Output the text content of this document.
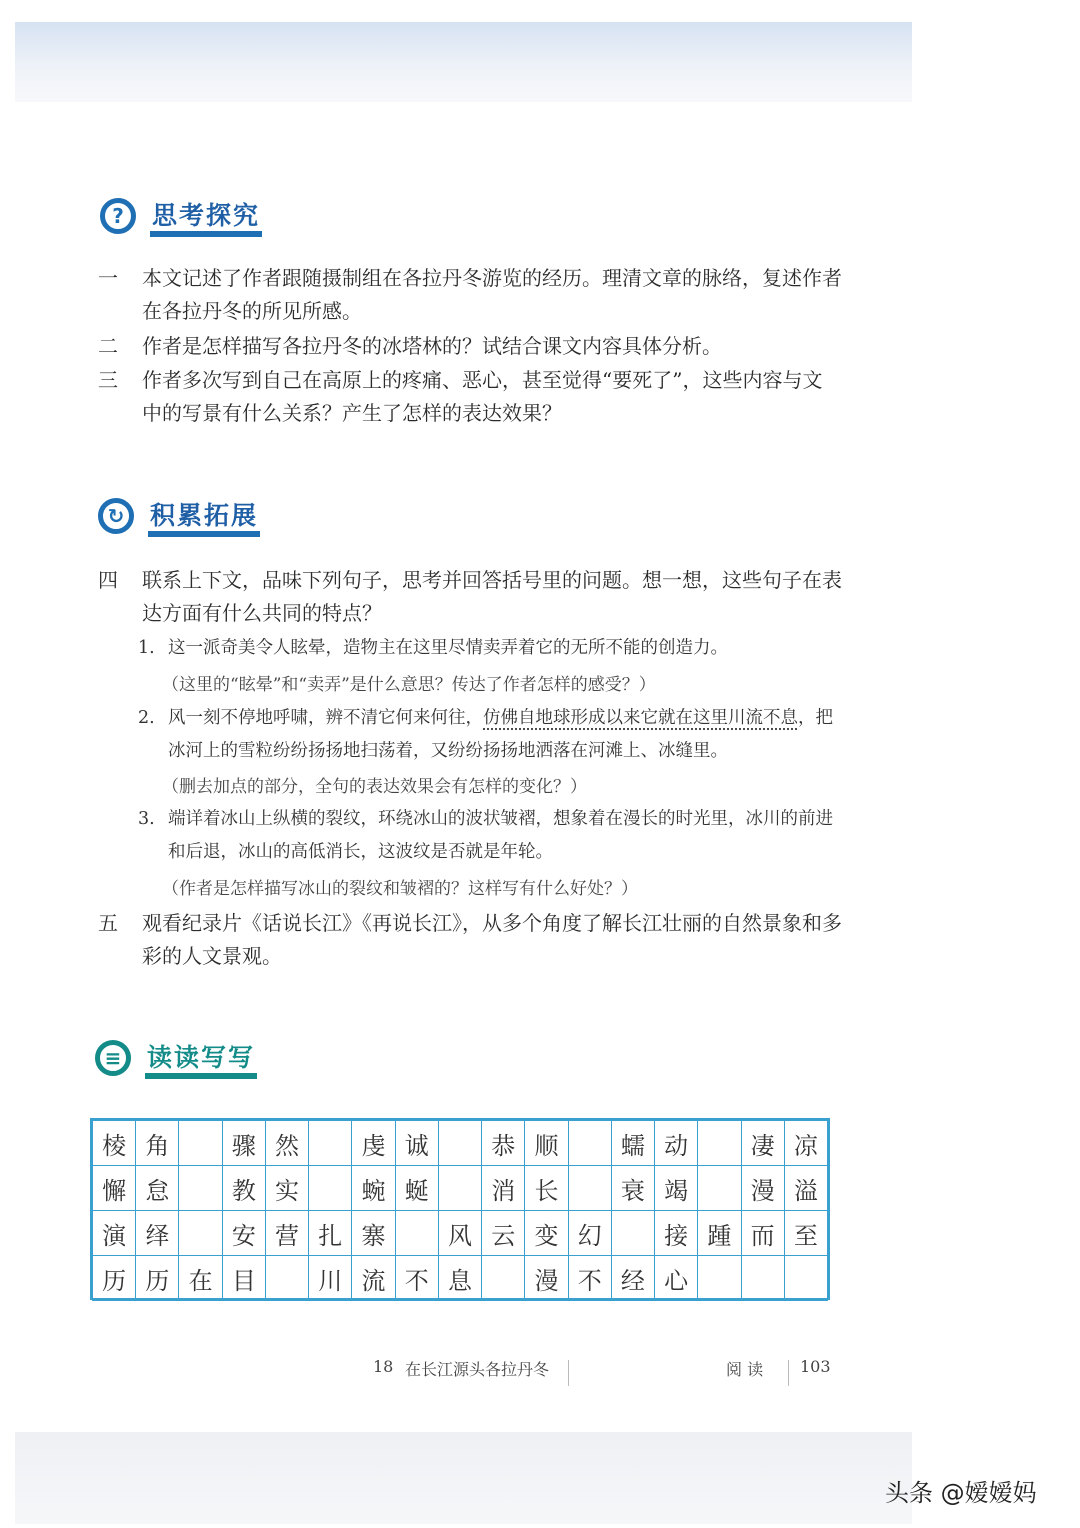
?	思考探究
一	本文记述了作者跟随摄制组在各拉丹冬游览的经历。理清文章的脉络，复述作者在各拉丹冬的所见所感。
二	作者是怎样描写各拉丹冬的冰塔林的？试结合课文内容具体分析。
三	作者多次写到自己在高原上的疼痛、恶心，甚至觉得“要死了”，这些内容与文中的写景有什么关系？产生了怎样的表达效果？
↻	积累拓展
四	联系上下文，品味下列句子，思考并回答括号里的问题。想一想，这些句子在表达方面有什么共同的特点？
1. 这一派奇美令人眩晕，造物主在这里尽情卖弄着它的无所不能的创造力。
（这里的“眩晕”和“卖弄”是什么意思？传达了作者怎样的感受？）
2. 风一刻不停地呼啸，辨不清它何来何往，仿佛自地球形成以来它就在这里川流不息，把冰河上的雪粒纷纷扬扬地扫荡着，又纷纷扬扬地洒落在河滩上、冰缝里。
（删去加点的部分，全句的表达效果会有怎样的变化？）
3. 端详着冰山上纵横的裂纹，环绕冰山的波状皱褶，想象着在漫长的时光里，冰川的前进和后退，冰山的高低消长，这波纹是否就是年轮。
（作者是怎样描写冰山的裂纹和皱褶的？这样写有什么好处？）
五	观看纪录片《话说长江》《再说长江》，从多个角度了解长江壮丽的自然景象和多彩的人文景观。
≡	读读写写
棱	角		骤	然		虔	诚		恭	顺		蠕	动		凄	凉
懈	怠		教	实		蜿	蜒		消	长		衰	竭		漫	溢
演	绎		安	营	扎	寨		风	云	变	幻		接	踵	而	至
历	历	在	目		川	流	不	息		漫	不	经	心			
18 在长江源头各拉丹冬	阅 读 103
头条 @嫒嫒妈
